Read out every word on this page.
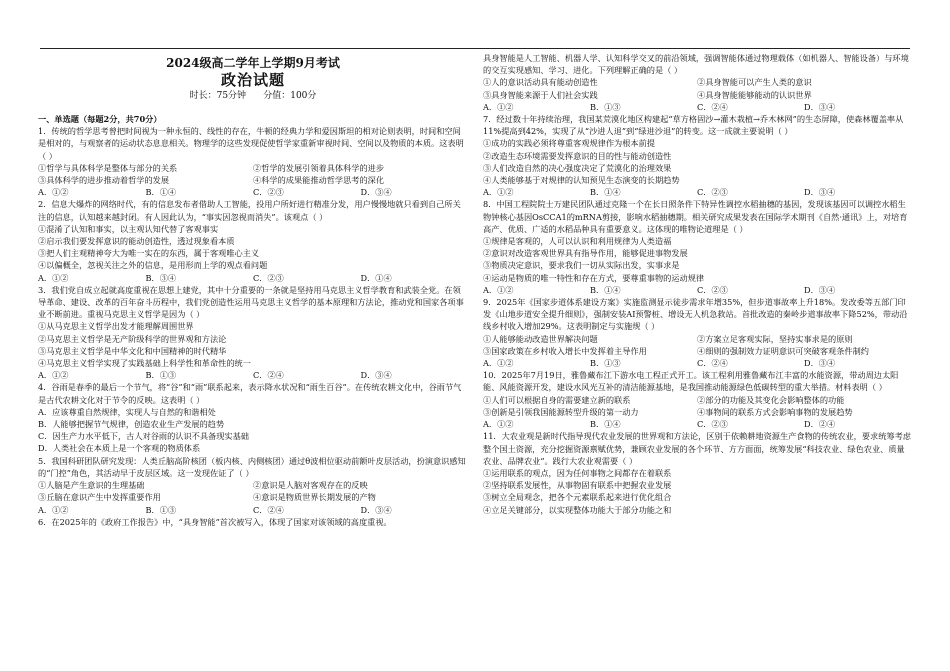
2024级高二学年上学期9月考试
政治试题
时长：75分钟 分值：100分
一、单选题（每题2分，共70分）
1．传统的哲学思考曾把时间视为一种永恒的、线性的存在，牛顿的经典力学和爱因斯坦的相对论则表明，时间和空间是相对的，与观察者的运动状态息息相关。物理学的这些发现促使哲学家重新审视时间、空间以及物质的本质。这表明（ ）
①哲学与具体科学是整体与部分的关系	②哲学的发展引领着具体科学的进步
③具体科学的进步推动着哲学的发展	④科学的成果能推动哲学思考的深化
A．①②	B．①④	C．②③	D．③④
2．信息大爆炸的网络时代，有的信息发布者借助人工智能，投用户所好进行精准分发，用户慢慢地就只看到自己所关注的信息，认知越来越封闭。有人因此认为，“事实因忽视而消失”。该观点（ ）
①混淆了认知和事实，以主观认知代替了客观事实
②启示我们要发挥意识的能动创造性，透过现象看本质
③把人们主观精神夸大为唯一实在的东西，属于客观唯心主义
④以偏概全，忽视关注之外的信息，是用形而上学的观点看问题
A．①②	B．③④	C．②③	D．①④
3．我们党自成立起就高度重视在思想上建党，其中十分重要的一条就是坚持用马克思主义哲学教育和武装全党。在领导革命、建设、改革的百年奋斗历程中，我们党创造性运用马克思主义哲学的基本原理和方法论，推动党和国家各项事业不断前进。重视马克思主义哲学是因为（ ）
①从马克思主义哲学出发才能理解周围世界
②马克思主义哲学是无产阶级科学的世界观和方法论
③马克思主义哲学是中华文化和中国精神的时代精华
④马克思主义哲学实现了实践基础上科学性和革命性的统一
A．①②	B．①③	C．②④	D．③④
4．谷雨是春季的最后一个节气，将“谷”和“雨”联系起来，表示降水状况和“雨生百谷”。在传统农耕文化中，谷雨节气是古代农耕文化对于节令的反映。这表明（ ）
A．应该尊重自然规律，实现人与自然的和谐相处
B．人能够把握节气规律，创造农业生产发展的趋势
C．因生产力水平低下，古人对谷雨的认识不具备现实基础
D．人类社会在本质上是一个客观的物质体系
5．我国科研团队研究发现：人类丘脑高阶核团（板内核、内侧核团）通过θ波相位驱动前额叶皮层活动，扮演意识感知的“门控”角色，其活动早于皮层区域。这一发现佐证了（ ）
①人脑是产生意识的生理基础	②意识是人脑对客观存在的反映
③丘脑在意识产生中发挥重要作用	④意识是物质世界长期发展的产物
A．①②	B．①③	C．②④	D．③④
6．在2025年的《政府工作报告》中，“具身智能”首次被写入，体现了国家对该领域的高度重视。
具身智能是人工智能、机器人学、认知科学交叉的前沿领域，强调智能体通过物理载体（如机器人、智能设备）与环境的交互实现感知、学习、进化。下列理解正确的是（ ）
①人的意识活动具有能动创造性	②具身智能可以产生人类的意识
③具身智能来源于人们社会实践	④具身智能能够能动的认识世界
A．①②	B．①③	C．②④	D．③④
7．经过数十年持续治理，我国某荒漠化地区构建起“草方格固沙→灌木栽植→乔木林网”的生态屏障，使森林覆盖率从11%提高到42%，实现了从“沙进人退”到“绿进沙退”的转变。这一成就主要说明（ ）
①成功的实践必须将尊重客观规律作为根本前提
②改造生态环境需要发挥意识的目的性与能动创造性
③人们改造自然的决心强度决定了荒漠化的治理效果
④人类能够基于对规律的认知预见生态演变的长期趋势
A．①②	B．①④	C．②③	D．③④
8．中国工程院院士万建民团队通过克隆一个在长日照条件下特异性调控水稻抽穗的基因，发现该基因可以调控水稻生物钟核心基因OsCCA1的mRNA剪接，影响水稻抽穗期。相关研究成果发表在国际学术期刊《自然·通讯》上，对培育高产、优质、广适的水稻品种具有重要意义。这体现的唯物论道理是（ ）
①规律是客观的，人可以认识和利用规律为人类造福
②意识对改造客观世界具有指导作用，能够促进事物发展
③物质决定意识，要求我们一切从实际出发，实事求是
④运动是物质的唯一特性和存在方式，要尊重事物的运动规律
A．①②	B．①④	C．②③	D．③④
9．2025年《国家步道体系建设方案》实施监测显示徒步需求年增35%，但步道事故率上升18%。发改委等五部门印发《山地步道安全提升细则》，强制安装AI预警桩、增设无人机急救站。首批改造的秦岭步道事故率下降52%，带动沿线乡村收入增加29%。这表明制定与实施规（ ）
①人能够能动改造世界解决问题	②方案立足客观实际，坚持实事求是的原则
③国家政策在乡村收入增长中发挥着主导作用	④细则的强制效力证明意识可突破客观条件制约
A．①②	B．①③	C．②④	D．③④
10．2025年7月19日，雅鲁藏布江下游水电工程正式开工。该工程利用雅鲁藏布江丰富的水能资源，带动周边太阳能、风能资源开发，建设水风光互补的清洁能源基地，是我国推动能源绿色低碳转型的重大举措。材料表明（ ）
①人们可以根据自身的需要建立新的联系	②部分的功能及其变化会影响整体的功能
③创新是引领我国能源转型升级的第一动力	④事物间的联系方式会影响事物的发展趋势
A．①②	B．①④	C．②③	D．②④
11．大农业观是新时代指导现代农业发展的世界观和方法论，区别于依赖耕地资源生产食物的传统农业，要求统筹考虑整个国土资源，充分挖掘资源禀赋优势，兼顾农业发展的各个环节、方方面面，统筹发展“科技农业、绿色农业、质量农业、品牌农业”。践行大农业观需要（ ）
①运用联系的观点，因为任何事物之间都存在着联系
②坚持联系发展性，从事物固有联系中把握农业发展
③树立全局观念，把各个元素联系起来进行优化组合
④立足关键部分，以实现整体功能大于部分功能之和
